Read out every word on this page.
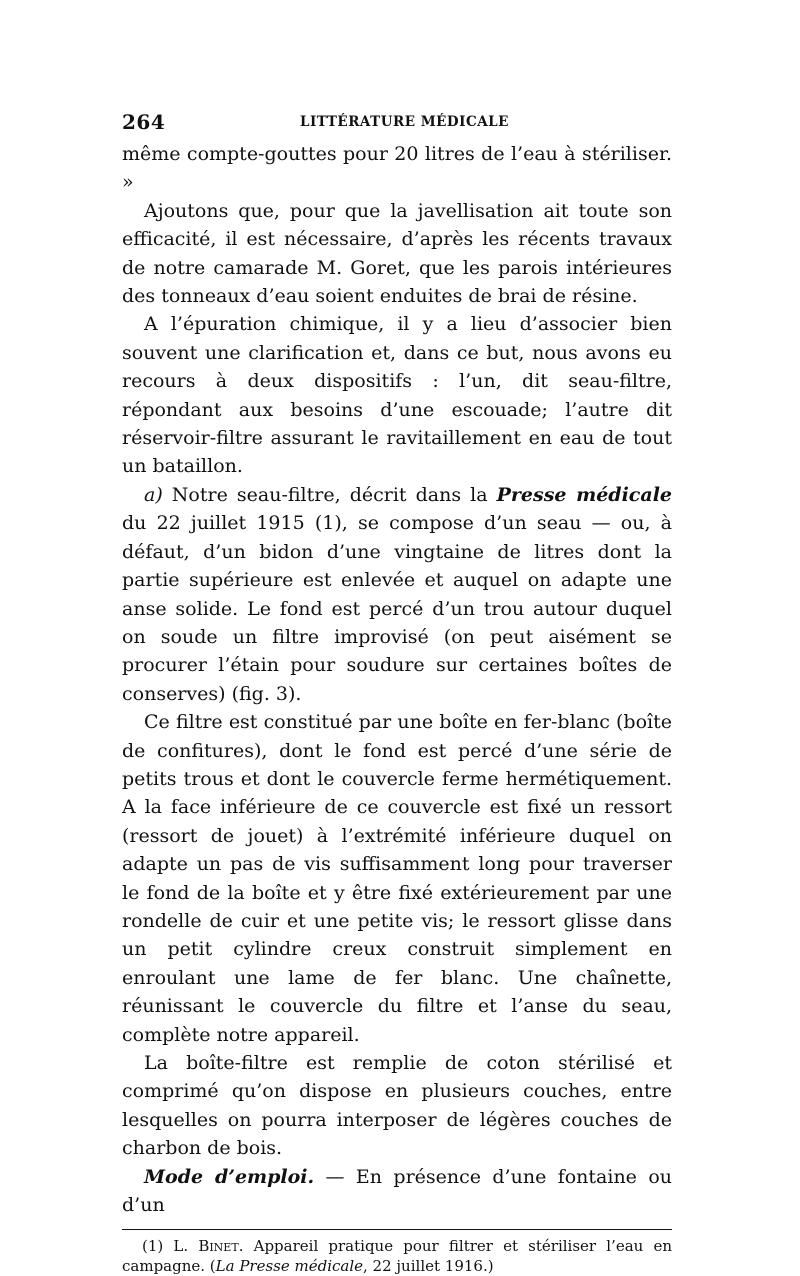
264	LITTÉRATURE MÉDICALE

même compte-gouttes pour 20 litres de l’eau à stériliser. »

Ajoutons que, pour que la javellisation ait toute son efficacité, il est nécessaire, d’après les récents travaux de notre camarade M. Goret, que les parois intérieures des tonneaux d’eau soient enduites de brai de résine.

A l’épuration chimique, il y a lieu d’associer bien souvent une clarification et, dans ce but, nous avons eu recours à deux dispositifs : l’un, dit seau-filtre, répondant aux besoins d’une escouade; l’autre dit réservoir-filtre assurant le ravitaillement en eau de tout un bataillon.

a) Notre seau-filtre, décrit dans la Presse médicale du 22 juillet 1915 (1), se compose d’un seau — ou, à défaut, d’un bidon d’une vingtaine de litres dont la partie supérieure est enlevée et auquel on adapte une anse solide. Le fond est percé d’un trou autour duquel on soude un filtre improvisé (on peut aisément se procurer l’étain pour soudure sur certaines boîtes de conserves) (fig. 3).

Ce filtre est constitué par une boîte en fer-blanc (boîte de confitures), dont le fond est percé d’une série de petits trous et dont le couvercle ferme hermétiquement. A la face inférieure de ce couvercle est fixé un ressort (ressort de jouet) à l’extrémité inférieure duquel on adapte un pas de vis suffisamment long pour traverser le fond de la boîte et y être fixé extérieurement par une rondelle de cuir et une petite vis; le ressort glisse dans un petit cylindre creux construit simplement en enroulant une lame de fer blanc. Une chaînette, réunissant le couvercle du filtre et l’anse du seau, complète notre appareil.

La boîte-filtre est remplie de coton stérilisé et comprimé qu’on dispose en plusieurs couches, entre lesquelles on pourra interposer de légères couches de charbon de bois.

Mode d’emploi. — En présence d’une fontaine ou d’un

(1) L. Binet. Appareil pratique pour filtrer et stériliser l’eau en campagne. (La Presse médicale, 22 juillet 1916.)
